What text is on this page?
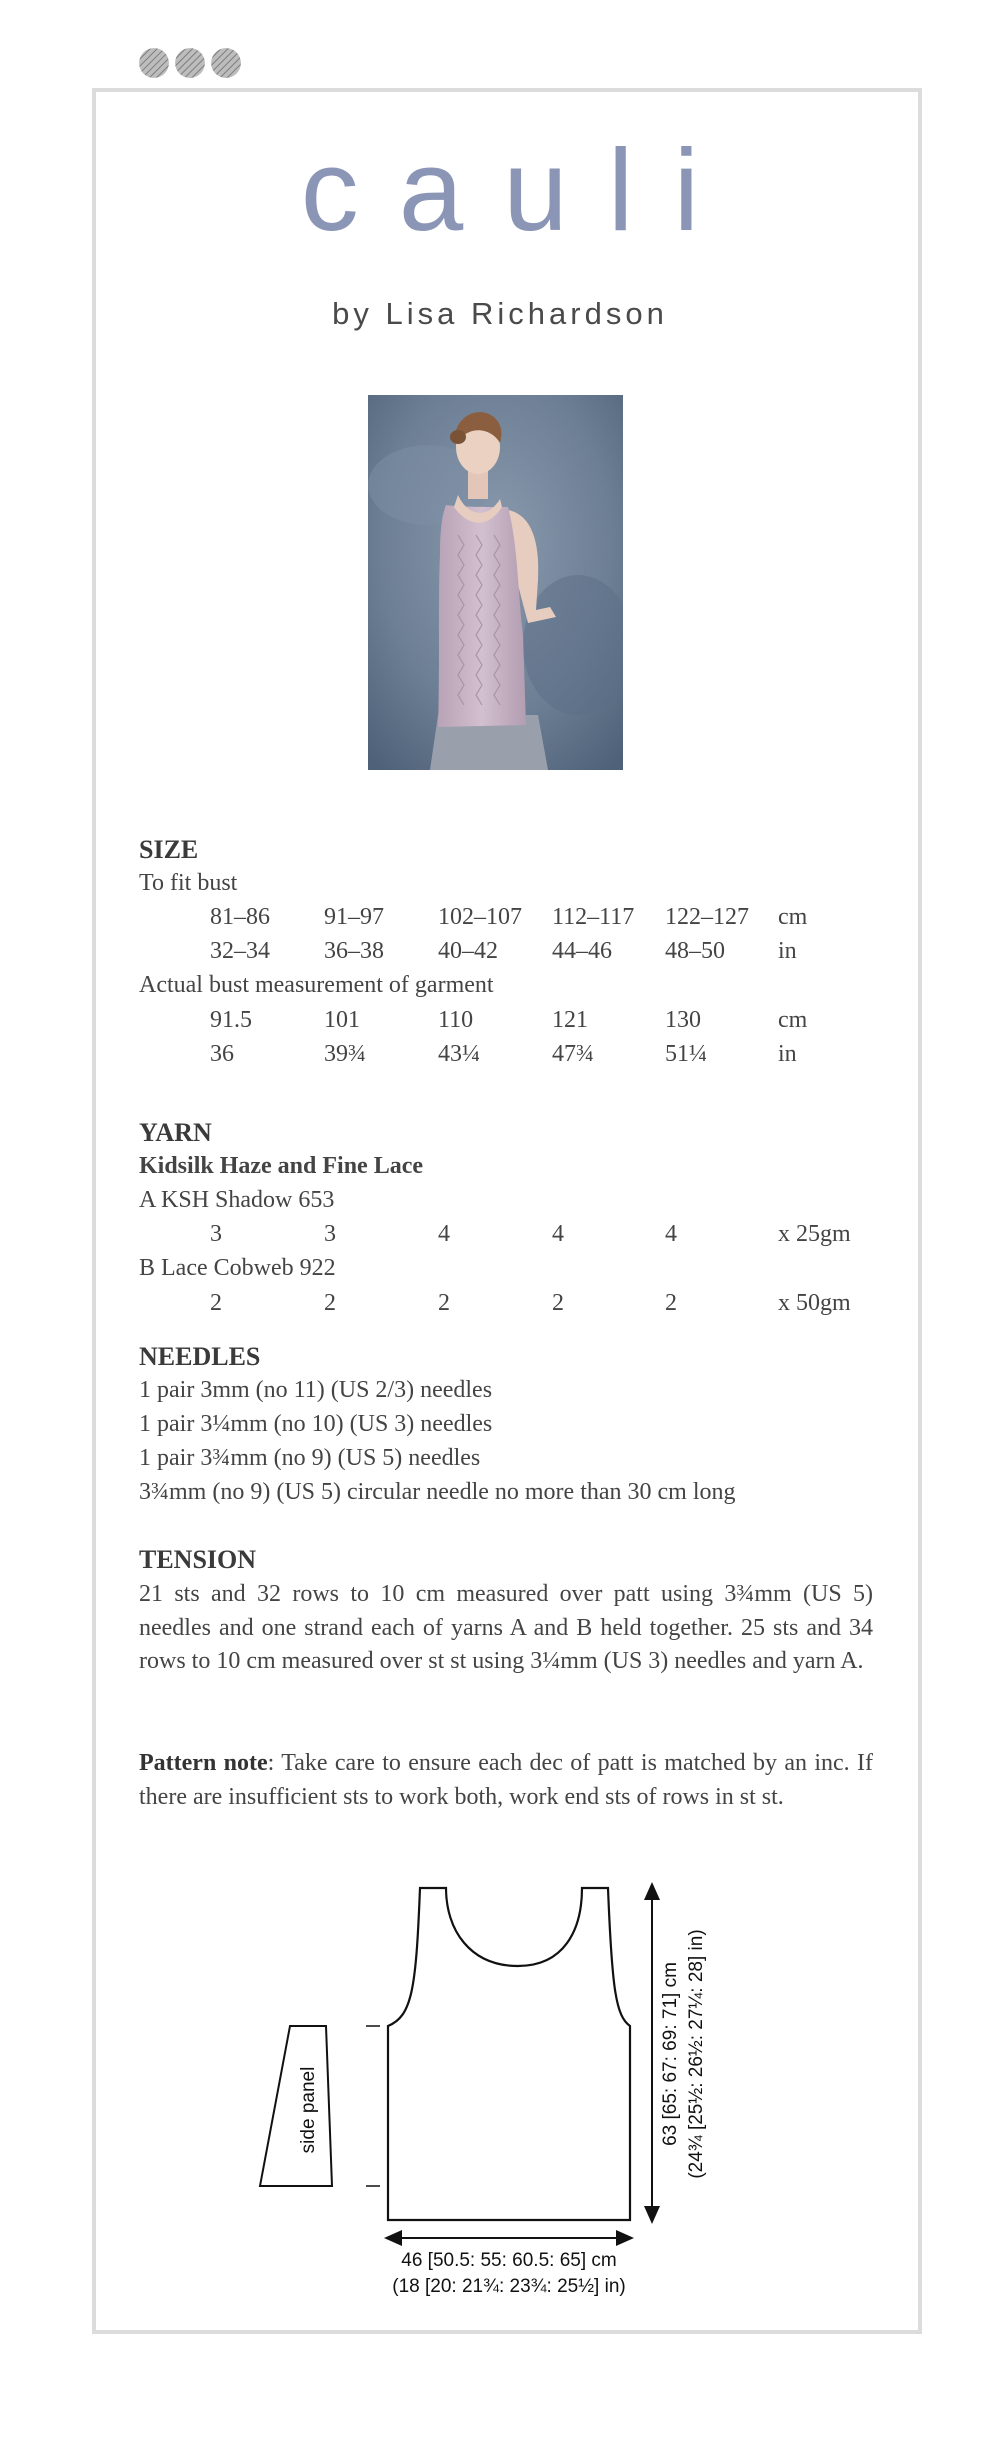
cauli
by Lisa Richardson
SIZE
To fit bust
81–86 91–97 102–107 112–117 122–127 cm
32–34 36–38 40–42 44–46 48–50 in
Actual bust measurement of garment
91.5	101	110	121	130	cm
36	39¾	43¼	47¾	51¼	in
YARN
Kidsilk Haze and Fine Lace
A KSH Shadow 653
3	3	4	4	4	x 25gm
B Lace Cobweb 922
2	2	2	2	2	x 50gm
NEEDLES
1 pair 3mm (no 11) (US 2/3) needles
1 pair 3¼mm (no 10) (US 3) needles
1 pair 3¾mm (no 9) (US 5) needles
3¾mm (no 9) (US 5) circular needle no more than 30 cm long
TENSION
21 sts and 32 rows to 10 cm measured over patt using 3¾mm (US 5) needles and one strand each of yarns A and B held together. 25 sts and 34 rows to 10 cm measured over st st using 3¼mm (US 3) needles and yarn A.
Pattern note: Take care to ensure each dec of patt is matched by an inc. If there are insufficient sts to work both, work end sts of rows in st st.
side panel	63 [65: 67: 69: 71] cm (24¾ [25½: 26½: 27¼: 28] in)
46 [50.5: 55: 60.5: 65] cm
(18 [20: 21¾: 23¾: 25½] in)
